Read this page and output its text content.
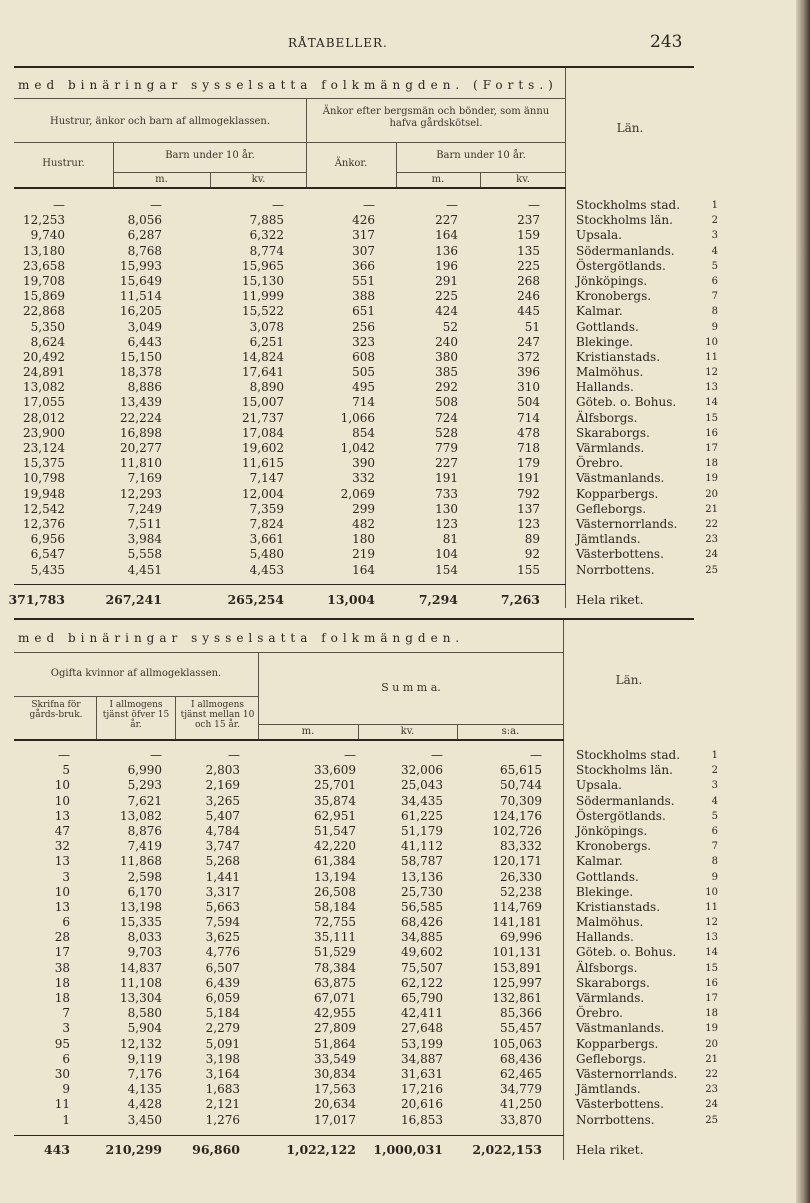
RÅTABELLER.	243
med binäringar sysselsatta folkmängden. (Forts.)
Hustrur, änkor och barn af allmogeklassen.
Änkor efter bergsmän och bönder, som ännu hafva gårdskötsel.
Hustrur.
Barn under 10 år.
Änkor.
Barn under 10 år.
m.	kv.	m.	kv.
Län.
—	—	—	—	—	—	Stockholms stad.	1
12,253	8,056	7,885	426	227	237	Stockholms län.	2
9,740	6,287	6,322	317	164	159	Upsala.	3
13,180	8,768	8,774	307	136	135	Södermanlands.	4
23,658	15,993	15,965	366	196	225	Östergötlands.	5
19,708	15,649	15,130	551	291	268	Jönköpings.	6
15,869	11,514	11,999	388	225	246	Kronobergs.	7
22,868	16,205	15,522	651	424	445	Kalmar.	8
5,350	3,049	3,078	256	52	51	Gottlands.	9
8,624	6,443	6,251	323	240	247	Blekinge.	10
20,492	15,150	14,824	608	380	372	Kristianstads.	11
24,891	18,378	17,641	505	385	396	Malmöhus.	12
13,082	8,886	8,890	495	292	310	Hallands.	13
17,055	13,439	15,007	714	508	504	Göteb. o. Bohus.	14
28,012	22,224	21,737	1,066	724	714	Älfsborgs.	15
23,900	16,898	17,084	854	528	478	Skaraborgs.	16
23,124	20,277	19,602	1,042	779	718	Värmlands.	17
15,375	11,810	11,615	390	227	179	Örebro.	18
10,798	7,169	7,147	332	191	191	Västmanlands.	19
19,948	12,293	12,004	2,069	733	792	Kopparbergs.	20
12,542	7,249	7,359	299	130	137	Gefleborgs.	21
12,376	7,511	7,824	482	123	123	Västernorrlands.	22
6,956	3,984	3,661	180	81	89	Jämtlands.	23
6,547	5,558	5,480	219	104	92	Västerbottens.	24
5,435	4,451	4,453	164	154	155	Norrbottens.	25
371,783	267,241	265,254	13,004	7,294	7,263	Hela riket.
med binäringar sysselsatta folkmängden.
Ogifta kvinnor af allmogeklassen.
Skrifna för gårds-bruk.
I allmogens tjänst öfver 15 år.
I allmogens tjänst mellan 10 och 15 år.
S u m m a.
m.	kv.	s:a.
Län.
—	—	—	—	—	—	Stockholms stad.	1
5	6,990	2,803	33,609	32,006	65,615	Stockholms län.	2
10	5,293	2,169	25,701	25,043	50,744	Upsala.	3
10	7,621	3,265	35,874	34,435	70,309	Södermanlands.	4
13	13,082	5,407	62,951	61,225	124,176	Östergötlands.	5
47	8,876	4,784	51,547	51,179	102,726	Jönköpings.	6
32	7,419	3,747	42,220	41,112	83,332	Kronobergs.	7
13	11,868	5,268	61,384	58,787	120,171	Kalmar.	8
3	2,598	1,441	13,194	13,136	26,330	Gottlands.	9
10	6,170	3,317	26,508	25,730	52,238	Blekinge.	10
13	13,198	5,663	58,184	56,585	114,769	Kristianstads.	11
6	15,335	7,594	72,755	68,426	141,181	Malmöhus.	12
28	8,033	3,625	35,111	34,885	69,996	Hallands.	13
17	9,703	4,776	51,529	49,602	101,131	Göteb. o. Bohus.	14
38	14,837	6,507	78,384	75,507	153,891	Älfsborgs.	15
18	11,108	6,439	63,875	62,122	125,997	Skaraborgs.	16
18	13,304	6,059	67,071	65,790	132,861	Värmlands.	17
7	8,580	5,184	42,955	42,411	85,366	Örebro.	18
3	5,904	2,279	27,809	27,648	55,457	Västmanlands.	19
95	12,132	5,091	51,864	53,199	105,063	Kopparbergs.	20
6	9,119	3,198	33,549	34,887	68,436	Gefleborgs.	21
30	7,176	3,164	30,834	31,631	62,465	Västernorrlands.	22
9	4,135	1,683	17,563	17,216	34,779	Jämtlands.	23
11	4,428	2,121	20,634	20,616	41,250	Västerbottens.	24
1	3,450	1,276	17,017	16,853	33,870	Norrbottens.	25
443	210,299 96,860	1,022,122 1,000,031 2,022,153	Hela riket.
